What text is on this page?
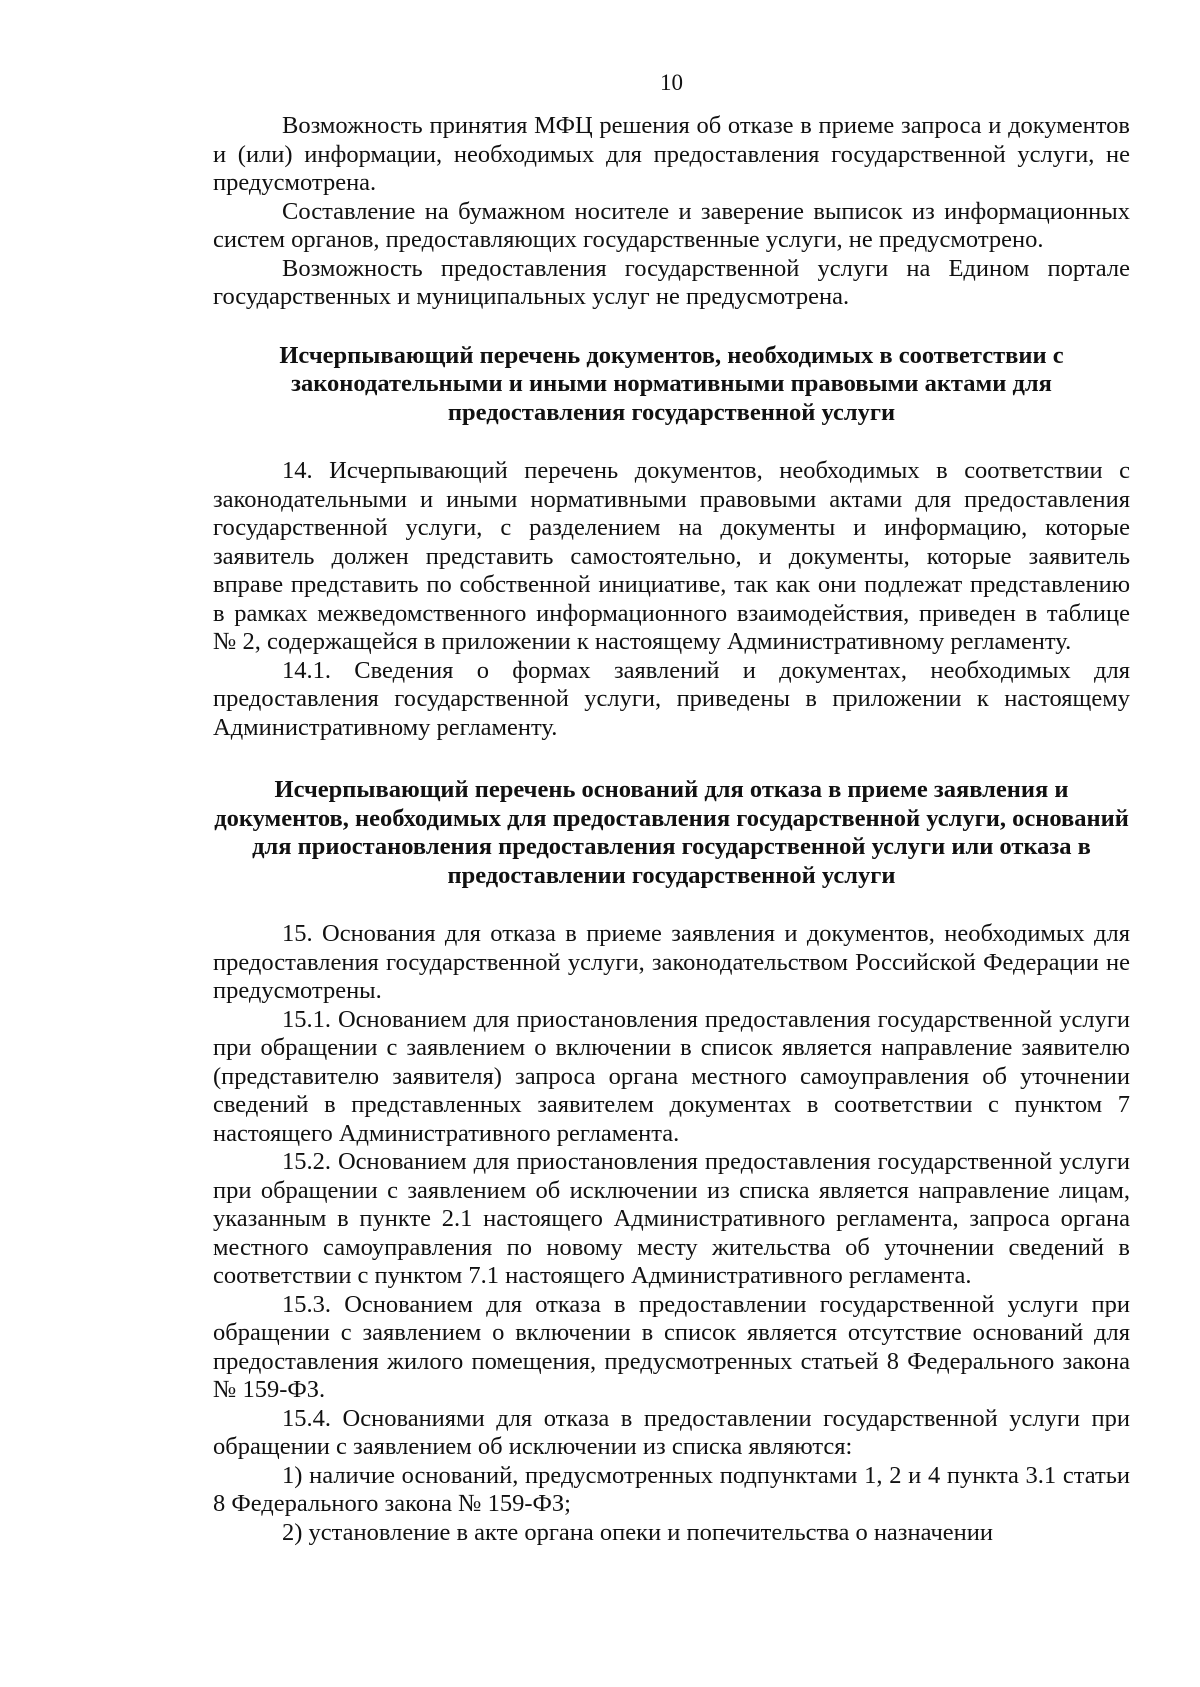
10

Возможность принятия МФЦ решения об отказе в приеме запроса и документов и (или) информации, необходимых для предоставления государственной услуги, не предусмотрена.

Составление на бумажном носителе и заверение выписок из информационных систем органов, предоставляющих государственные услуги, не предусмотрено.

Возможность предоставления государственной услуги на Едином портале государственных и муниципальных услуг не предусмотрена.

Исчерпывающий перечень документов, необходимых в соответствии с законодательными и иными нормативными правовыми актами для предоставления государственной услуги

14. Исчерпывающий перечень документов, необходимых в соответствии с законодательными и иными нормативными правовыми актами для предоставления государственной услуги, с разделением на документы и информацию, которые заявитель должен представить самостоятельно, и документы, которые заявитель вправе представить по собственной инициативе, так как они подлежат представлению в рамках межведомственного информационного взаимодействия, приведен в таблице № 2, содержащейся в приложении к настоящему Административному регламенту.

14.1. Сведения о формах заявлений и документах, необходимых для предоставления государственной услуги, приведены в приложении к настоящему Административному регламенту.

Исчерпывающий перечень оснований для отказа в приеме заявления и документов, необходимых для предоставления государственной услуги, оснований для приостановления предоставления государственной услуги или отказа в предоставлении государственной услуги

15. Основания для отказа в приеме заявления и документов, необходимых для предоставления государственной услуги, законодательством Российской Федерации не предусмотрены.

15.1. Основанием для приостановления предоставления государственной услуги при обращении с заявлением о включении в список является направление заявителю (представителю заявителя) запроса органа местного самоуправления об уточнении сведений в представленных заявителем документах в соответствии с пунктом 7 настоящего Административного регламента.

15.2. Основанием для приостановления предоставления государственной услуги при обращении с заявлением об исключении из списка является направление лицам, указанным в пункте 2.1 настоящего Административного регламента, запроса органа местного самоуправления по новому месту жительства об уточнении сведений в соответствии с пунктом 7.1 настоящего Административного регламента.

15.3. Основанием для отказа в предоставлении государственной услуги при обращении с заявлением о включении в список является отсутствие оснований для предоставления жилого помещения, предусмотренных статьей 8 Федерального закона № 159-ФЗ.

15.4. Основаниями для отказа в предоставлении государственной услуги при обращении с заявлением об исключении из списка являются:

1) наличие оснований, предусмотренных подпунктами 1, 2 и 4 пункта 3.1 статьи 8 Федерального закона № 159-ФЗ;

2) установление в акте органа опеки и попечительства о назначении
